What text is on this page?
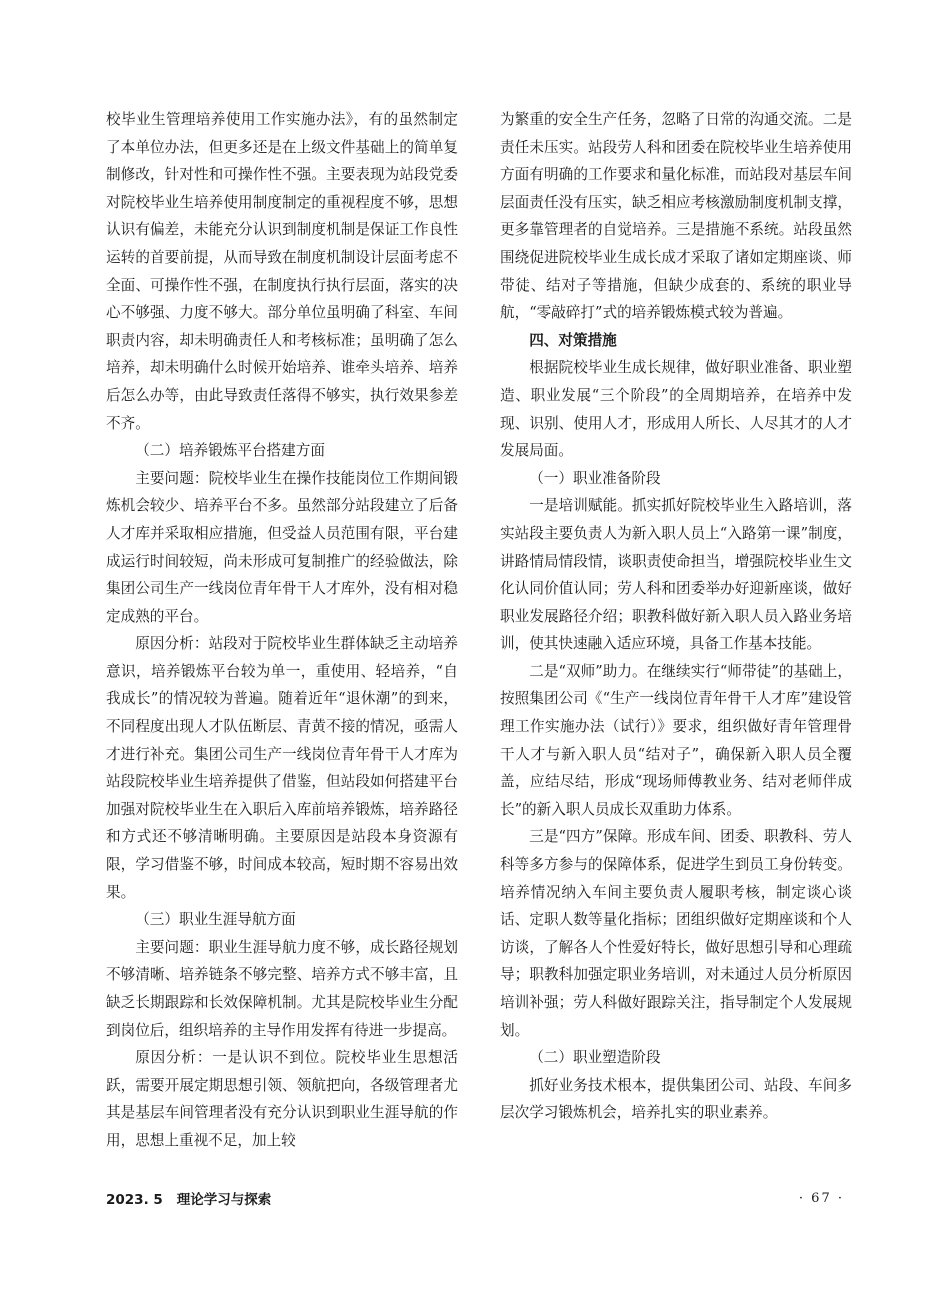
校毕业生管理培养使用工作实施办法》，有的虽然制定了本单位办法，但更多还是在上级文件基础上的简单复制修改，针对性和可操作性不强。主要表现为站段党委对院校毕业生培养使用制度制定的重视程度不够，思想认识有偏差，未能充分认识到制度机制是保证工作良性运转的首要前提，从而导致在制度机制设计层面考虑不全面、可操作性不强，在制度执行执行层面，落实的决心不够强、力度不够大。部分单位虽明确了科室、车间职责内容，却未明确责任人和考核标准；虽明确了怎么培养，却未明确什么时候开始培养、谁牵头培养、培养后怎么办等，由此导致责任落得不够实，执行效果参差不齐。

（二）培养锻炼平台搭建方面

主要问题：院校毕业生在操作技能岗位工作期间锻炼机会较少、培养平台不多。虽然部分站段建立了后备人才库并采取相应措施，但受益人员范围有限，平台建成运行时间较短，尚未形成可复制推广的经验做法，除集团公司生产一线岗位青年骨干人才库外，没有相对稳定成熟的平台。

原因分析：站段对于院校毕业生群体缺乏主动培养意识，培养锻炼平台较为单一，重使用、轻培养，“自我成长”的情况较为普遍。随着近年“退休潮”的到来，不同程度出现人才队伍断层、青黄不接的情况，亟需人才进行补充。集团公司生产一线岗位青年骨干人才库为站段院校毕业生培养提供了借鉴，但站段如何搭建平台加强对院校毕业生在入职后入库前培养锻炼，培养路径和方式还不够清晰明确。主要原因是站段本身资源有限，学习借鉴不够，时间成本较高，短时期不容易出效果。

（三）职业生涯导航方面

主要问题：职业生涯导航力度不够，成长路径规划不够清晰、培养链条不够完整、培养方式不够丰富，且缺乏长期跟踪和长效保障机制。尤其是院校毕业生分配到岗位后，组织培养的主导作用发挥有待进一步提高。

原因分析：一是认识不到位。院校毕业生思想活跃，需要开展定期思想引领、领航把向，各级管理者尤其是基层车间管理者没有充分认识到职业生涯导航的作用，思想上重视不足，加上较

为繁重的安全生产任务，忽略了日常的沟通交流。二是责任未压实。站段劳人科和团委在院校毕业生培养使用方面有明确的工作要求和量化标准，而站段对基层车间层面责任没有压实，缺乏相应考核激励制度机制支撑，更多靠管理者的自觉培养。三是措施不系统。站段虽然围绕促进院校毕业生成长成才采取了诸如定期座谈、师带徒、结对子等措施，但缺少成套的、系统的职业导航，“零敲碎打”式的培养锻炼模式较为普遍。

四、对策措施

根据院校毕业生成长规律，做好职业准备、职业塑造、职业发展“三个阶段”的全周期培养，在培养中发现、识别、使用人才，形成用人所长、人尽其才的人才发展局面。

（一）职业准备阶段

一是培训赋能。抓实抓好院校毕业生入路培训，落实站段主要负责人为新入职人员上“入路第一课”制度，讲路情局情段情，谈职责使命担当，增强院校毕业生文化认同价值认同；劳人科和团委举办好迎新座谈，做好职业发展路径介绍；职教科做好新入职人员入路业务培训，使其快速融入适应环境，具备工作基本技能。

二是“双师”助力。在继续实行“师带徒”的基础上，按照集团公司《“生产一线岗位青年骨干人才库”建设管理工作实施办法（试行）》要求，组织做好青年管理骨干人才与新入职人员“结对子”，确保新入职人员全覆盖，应结尽结，形成“现场师傅教业务、结对老师伴成长”的新入职人员成长双重助力体系。

三是“四方”保障。形成车间、团委、职教科、劳人科等多方参与的保障体系，促进学生到员工身份转变。培养情况纳入车间主要负责人履职考核，制定谈心谈话、定职人数等量化指标；团组织做好定期座谈和个人访谈，了解各人个性爱好特长，做好思想引导和心理疏导；职教科加强定职业务培训，对未通过人员分析原因培训补强；劳人科做好跟踪关注，指导制定个人发展规划。

（二）职业塑造阶段

抓好业务技术根本，提供集团公司、站段、车间多层次学习锻炼机会，培养扎实的职业素养。

2023. 5 理论学习与探索	· 67 ·
